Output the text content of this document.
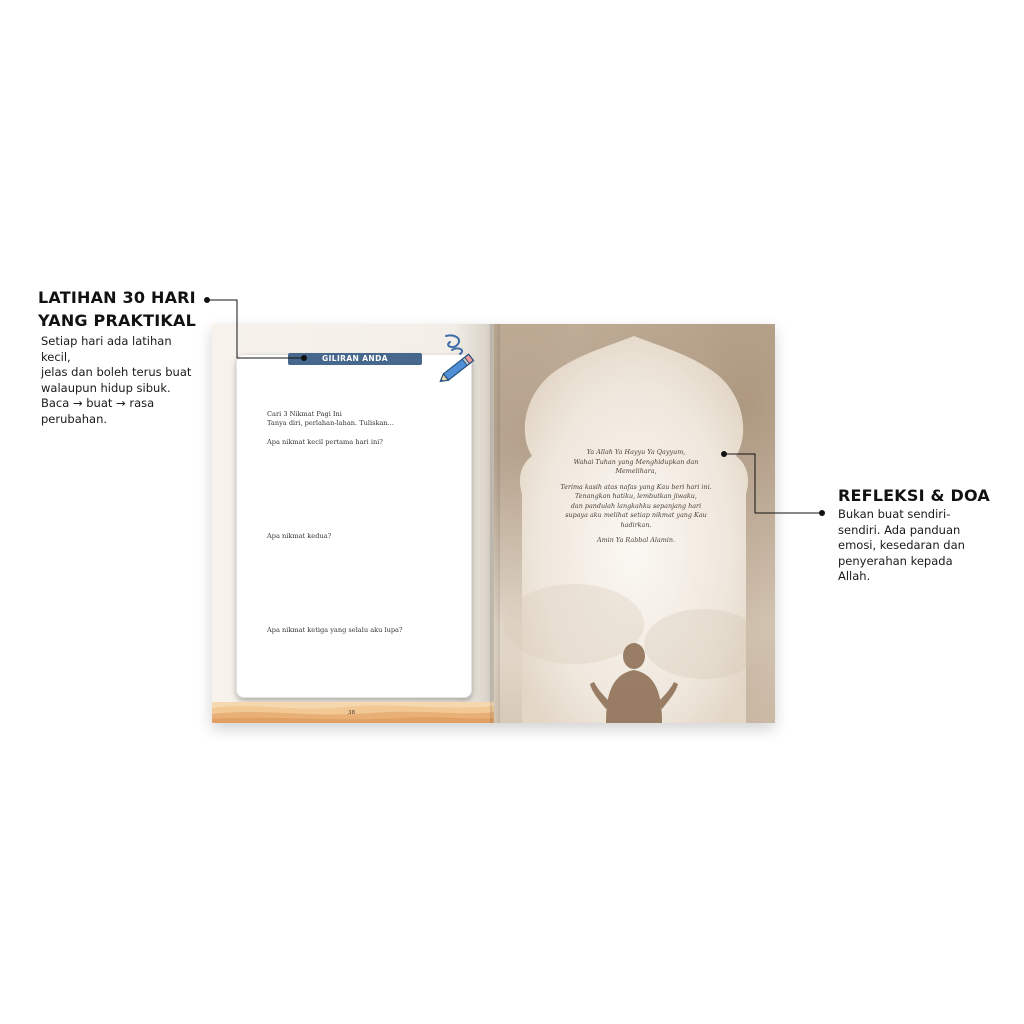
LATIHAN 30 HARI
YANG PRAKTIKAL
Setiap hari ada latihan kecil,
jelas dan boleh terus buat
walaupun hidup sibuk.
Baca → buat → rasa
perubahan.
REFLEKSI & DOA
Bukan buat sendiri-
sendiri. Ada panduan
emosi, kesedaran dan
penyerahan kepada
Allah.

Cari 3 Nikmat Pagi Ini

Tanya diri, perlahan-lahan. Tuliskan...

Apa nikmat kecil pertama hari ini?

Apa nikmat kedua?

Apa nikmat ketiga yang selalu aku lupa?

GILIRAN ANDA
38

Ya Allah Ya Hayyu Ya Qayyum,
Wahai Tuhan yang Menghidupkan dan
Memelihara,
Terima kasih atas nafas yang Kau beri hari ini.
Tenangkan hatiku, lembutkan jiwaku,
dan pandulah langkahku sepanjang hari
supaya aku melihat setiap nikmat yang Kau
hadirkan.
Amin Ya Rabbal Alamin.
